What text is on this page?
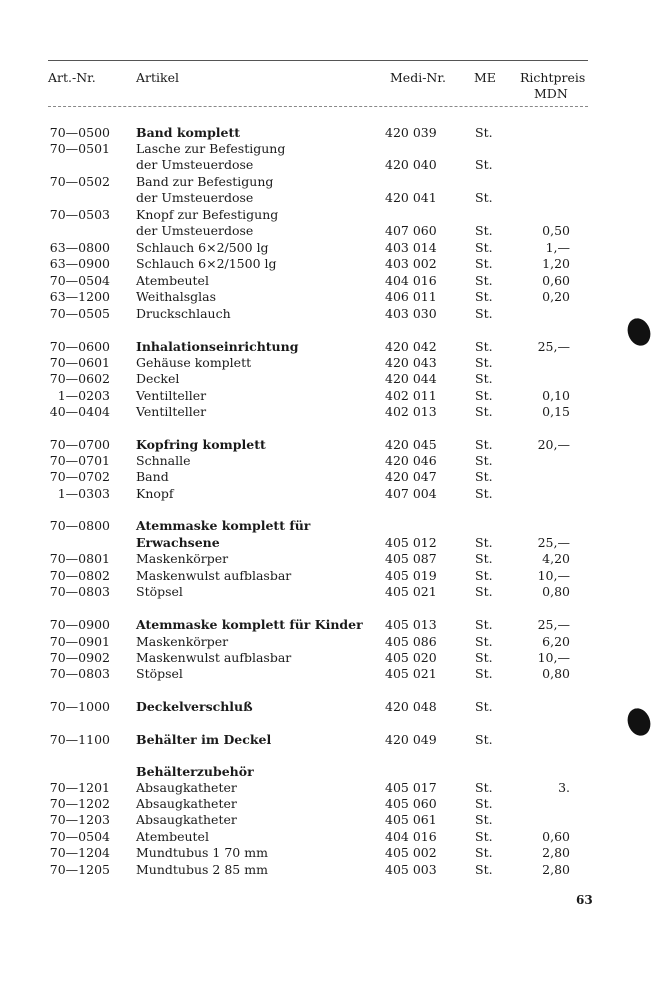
Art.-Nr.	Artikel	Medi-Nr. ME Richtpreis
MDN
70—0500 Band komplett	420 039	St.
70—0501 Lasche zur Befestigung
der Umsteuerdose	420 040	St.
70—0502 Band zur Befestigung
der Umsteuerdose	420 041	St.
70—0503 Knopf zur Befestigung
der Umsteuerdose	407 060	St.	0,50
63—0800 Schlauch 6×2/500 lg	403 014	St.	1,—
63—0900 Schlauch 6×2/1500 lg	403 002	St.	1,20
70—0504 Atembeutel	404 016	St.	0,60
63—1200 Weithalsglas	406 011	St.	0,20
70—0505 Druckschlauch	403 030	St.
70—0600 Inhalationseinrichtung	420 042	St.	25,—
70—0601 Gehäuse komplett	420 043	St.
70—0602 Deckel	420 044	St.
1—0203 Ventilteller	402 011	St.	0,10
40—0404 Ventilteller	402 013	St.	0,15
70—0700 Kopfring komplett	420 045	St.	20,—
70—0701 Schnalle	420 046	St.
70—0702 Band	420 047	St.
1—0303 Knopf	407 004	St.
70—0800 Atemmaske komplett für
Erwachsene	405 012	St.	25,—
70—0801 Maskenkörper	405 087	St.	4,20
70—0802 Maskenwulst aufblasbar	405 019	St.	10,—
70—0803 Stöpsel	405 021	St.	0,80
70—0900 Atemmaske komplett für Kinder 405 013	St.	25,—
70—0901 Maskenkörper	405 086	St.	6,20
70—0902 Maskenwulst aufblasbar	405 020	St.	10,—
70—0803 Stöpsel	405 021	St.	0,80
70—1000 Deckelverschluß	420 048	St.
70—1100 Behälter im Deckel	420 049	St.
Behälterzubehör
70—1201 Absaugkatheter	405 017	St.	3.
70—1202 Absaugkatheter	405 060	St.
70—1203 Absaugkatheter	405 061	St.
70—0504 Atembeutel	404 016	St.	0,60
70—1204 Mundtubus 1 70 mm	405 002	St.	2,80
70—1205 Mundtubus 2 85 mm	405 003	St.	2,80
63
